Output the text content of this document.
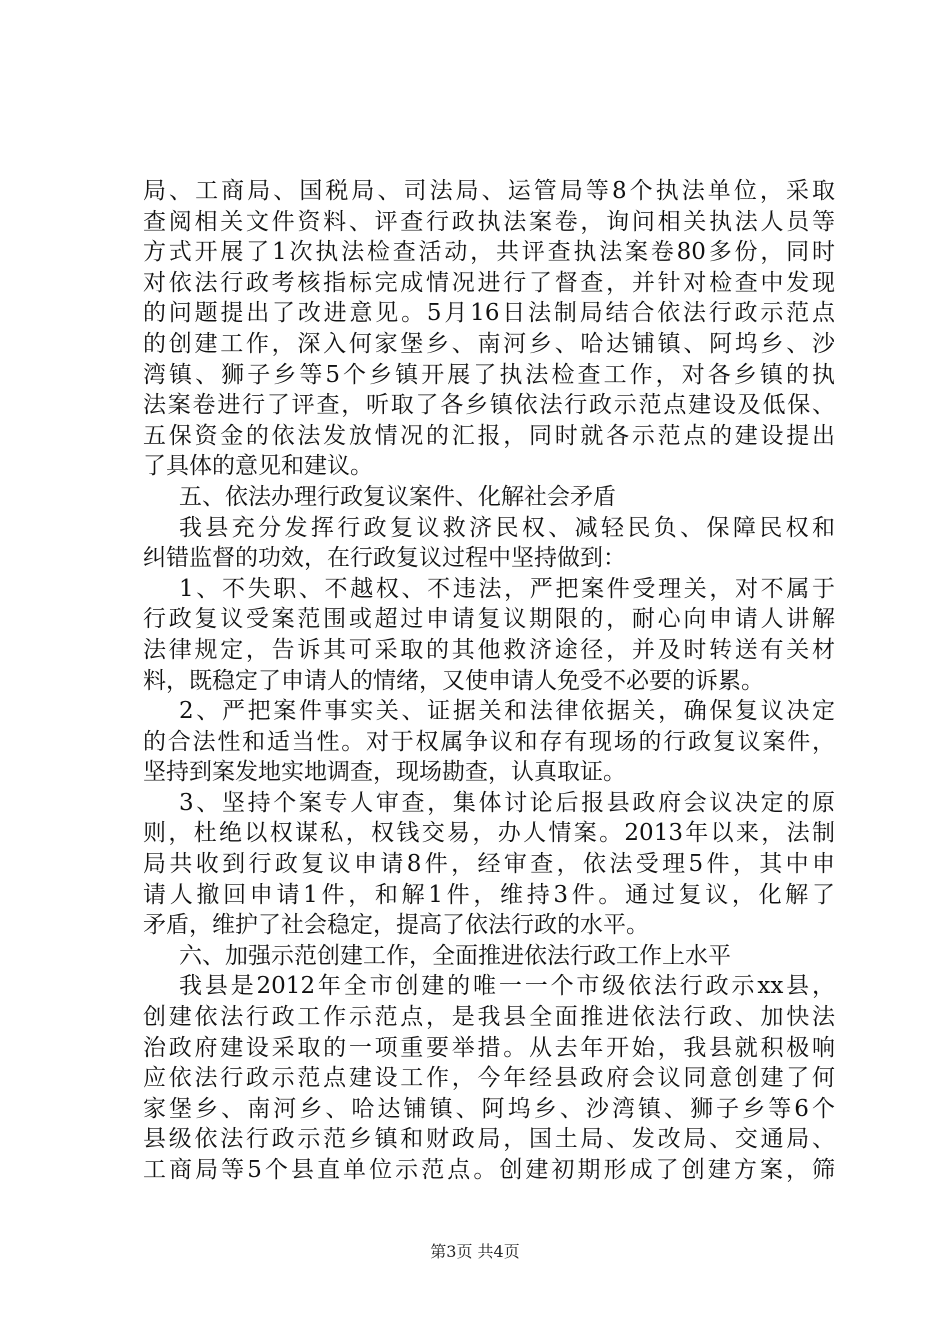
局、工商局、国税局、司法局、运管局等8个执法单位，采取
查阅相关文件资料、评查行政执法案卷，询问相关执法人员等
方式开展了1次执法检查活动，共评查执法案卷80多份，同时
对依法行政考核指标完成情况进行了督查，并针对检查中发现
的问题提出了改进意见。5月16日法制局结合依法行政示范点
的创建工作，深入何家堡乡、南河乡、哈达铺镇、阿坞乡、沙
湾镇、狮子乡等5个乡镇开展了执法检查工作，对各乡镇的执
法案卷进行了评查，听取了各乡镇依法行政示范点建设及低保、
五保资金的依法发放情况的汇报，同时就各示范点的建设提出
了具体的意见和建议。
五、依法办理行政复议案件、化解社会矛盾
我县充分发挥行政复议救济民权、减轻民负、保障民权和
纠错监督的功效，在行政复议过程中坚持做到：
1、不失职、不越权、不违法，严把案件受理关，对不属于
行政复议受案范围或超过申请复议期限的，耐心向申请人讲解
法律规定，告诉其可采取的其他救济途径，并及时转送有关材
料，既稳定了申请人的情绪，又使申请人免受不必要的诉累。
2、严把案件事实关、证据关和法律依据关，确保复议决定
的合法性和适当性。对于权属争议和存有现场的行政复议案件，
坚持到案发地实地调查，现场勘查，认真取证。
3、坚持个案专人审查，集体讨论后报县政府会议决定的原
则，杜绝以权谋私，权钱交易，办人情案。2013年以来，法制
局共收到行政复议申请8件，经审查，依法受理5件，其中申
请人撤回申请1件，和解1件，维持3件。通过复议，化解了
矛盾，维护了社会稳定，提高了依法行政的水平。
六、加强示范创建工作，全面推进依法行政工作上水平
我县是2012年全市创建的唯一一个市级依法行政示xx县，
创建依法行政工作示范点，是我县全面推进依法行政、加快法
治政府建设采取的一项重要举措。从去年开始，我县就积极响
应依法行政示范点建设工作，今年经县政府会议同意创建了何
家堡乡、南河乡、哈达铺镇、阿坞乡、沙湾镇、狮子乡等6个
县级依法行政示范乡镇和财政局，国土局、发改局、交通局、
工商局等5个县直单位示范点。创建初期形成了创建方案，筛
第3页 共4页
